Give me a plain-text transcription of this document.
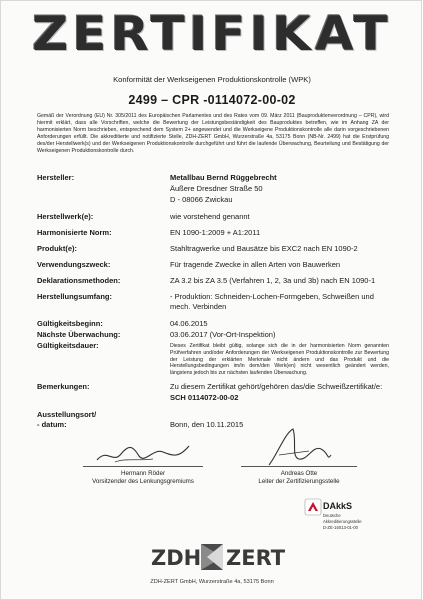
ZERTIFIKAT
Konformität der Werkseigenen Produktionskontrolle (WPK)
2499 – CPR -0114072-00-02
Gemäß der Verordnung (EU) Nr. 305/2011 des Europäischen Parlamentes und des Rates vom 09. März 2011 (Bauproduktenverordnung – CPR), wird hiermit erklärt, dass alle Vorschriften, welche die Bewertung der Leistungsbeständigkeit des Bauproduktes betreffen, wie im Anhang ZA der harmonisierten Norm beschrieben, entsprechend dem System 2+ angewendet und die Werkseigene Produktionskontrolle alle darin vorgeschriebenen Anforderungen erfüllt. Die akkreditierte und notifizierte Stelle, ZDH-ZERT GmbH, Wurzerstraße 4a, 53175 Bonn (NB-Nr. 2499) hat die Erstprüfung des/der Herstellwerk(s) und der Werkseigenen Produktionskontrolle durchgeführt und führt die laufende Überwachung, Beurteilung und Bestätigung der Werkseigenen Produktionskontrolle durch.
Hersteller:	Metallbau Bernd Rüggebrecht
Äußere Dresdner Straße 50
D - 08066 Zwickau
Herstellwerk(e):	wie vorstehend genannt
Harmonisierte Norm:	EN 1090-1:2009 + A1:2011
Produkt(e):	Stahltragwerke und Bausätze bis EXC2 nach EN 1090-2
Verwendungszweck:	Für tragende Zwecke in allen Arten von Bauwerken
Deklarationsmethoden:	ZA 3.2 bis ZA 3.5 (Verfahren 1, 2, 3a und 3b) nach EN 1090-1
Herstellungsumfang:	- Produktion: Schneiden-Lochen-Formgeben, Schweißen und mech. Verbinden
Gültigkeitsbeginn:	04.06.2015
Nächste Überwachung:	03.06.2017 (Vor-Ort-Inspektion)
Gültigkeitsdauer:	Dieses Zertifikat bleibt gültig, solange sich die in der harmonisierten Norm genannten Prüfverfahren und/oder Anforderungen der Werkseigenen Produktionskontrolle zur Bewertung der Leistung der erklärten Merkmale nicht ändern und das Produkt und die Herstellungsbedingungen im/in dem/den Werk(en) nicht wesentlich geändert werden, längstens jedoch bis zur nächsten laufenden Überwachung.
Bemerkungen:	Zu diesem Zertifikat gehört/gehören das/die Schweißzertifikat/e:
SCH 0114072-00-02
Ausstellungsort/
- datum:	Bonn, den 10.11.2015
Hermann Röder
Vorsitzender des Lenkungsgremiums
Andreas Otte
Leiter der Zertifizierungsstelle
DAkkS
Deutsche
Akkreditierungsstelle
D-ZE-16013-01-00
ZDH ZERT
ZDH-ZERT GmbH, Wurzerstraße 4a, 53175 Bonn
